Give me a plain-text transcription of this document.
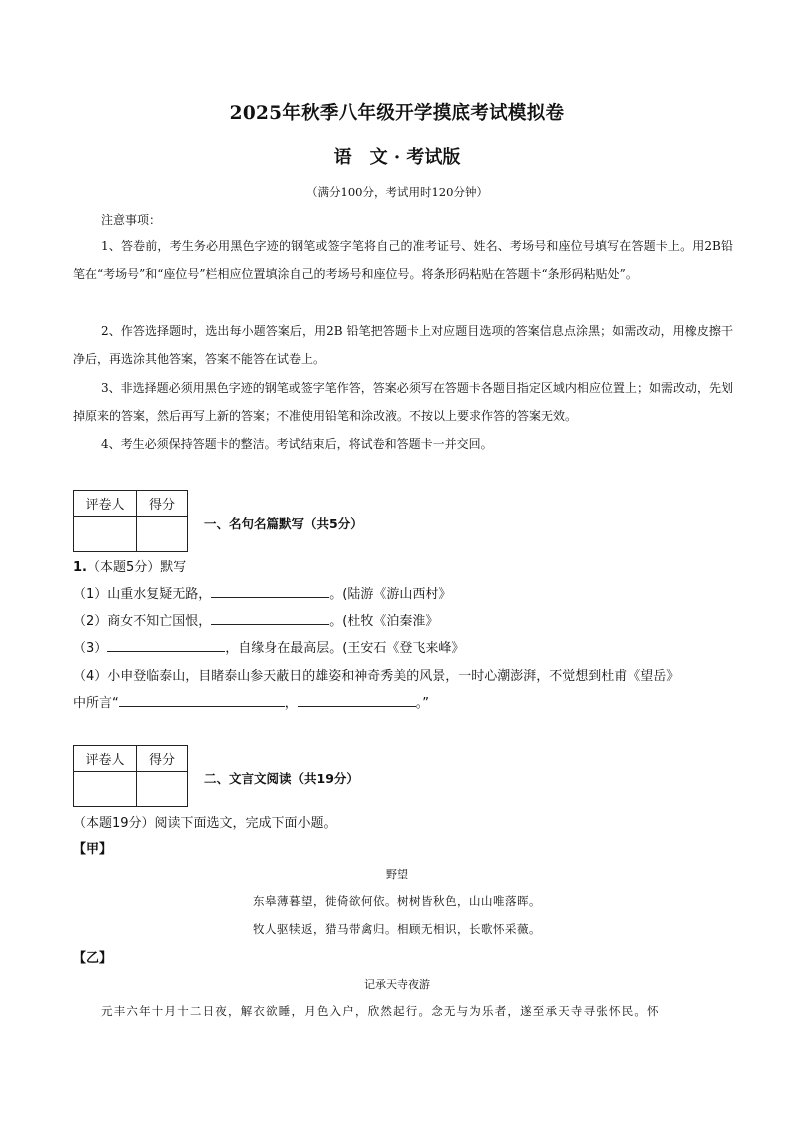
2025年秋季八年级开学摸底考试模拟卷
语 文 · 考试版
（满分100分，考试用时120分钟）
注意事项：
1、答卷前，考生务必用黑色字迹的钢笔或签字笔将自己的准考证号、姓名、考场号和座位号填写在答题卡上。用2B铅笔在“考场号”和“座位号”栏相应位置填涂自己的考场号和座位号。将条形码粘贴在答题卡“条形码粘贴处”。
2、作答选择题时，选出每小题答案后，用2B 铅笔把答题卡上对应题目选项的答案信息点涂黑；如需改动，用橡皮擦干净后，再选涂其他答案，答案不能答在试卷上。
3、非选择题必须用黑色字迹的钢笔或签字笔作答，答案必须写在答题卡各题目指定区域内相应位置上；如需改动，先划掉原来的答案，然后再写上新的答案；不准使用铅笔和涂改液。不按以上要求作答的答案无效。
4、考生必须保持答题卡的整洁。考试结束后，将试卷和答题卡一并交回。
评卷人	得分

一、名句名篇默写（共5分）
1.（本题5分）默写
（1）山重水复疑无路，	。(陆游《游山西村》
（2）商女不知亡国恨，	。(杜牧《泊秦淮》
（3）	，自缘身在最高层。(王安石《登飞来峰》
（4）小申登临泰山，目睹泰山参天蔽日的雄姿和神奇秀美的风景，一时心潮澎湃，不觉想到杜甫《望岳》
中所言“	，	。”
评卷人	得分

二、文言文阅读（共19分）
（本题19分）阅读下面选文，完成下面小题。
【甲】
野望
东皋薄暮望，徙倚欲何依。树树皆秋色，山山唯落晖。
牧人驱犊返，猎马带禽归。相顾无相识，长歌怀采薇。
【乙】
记承天寺夜游
元丰六年十月十二日夜，解衣欲睡，月色入户，欣然起行。念无与为乐者，遂至承天寺寻张怀民。怀
